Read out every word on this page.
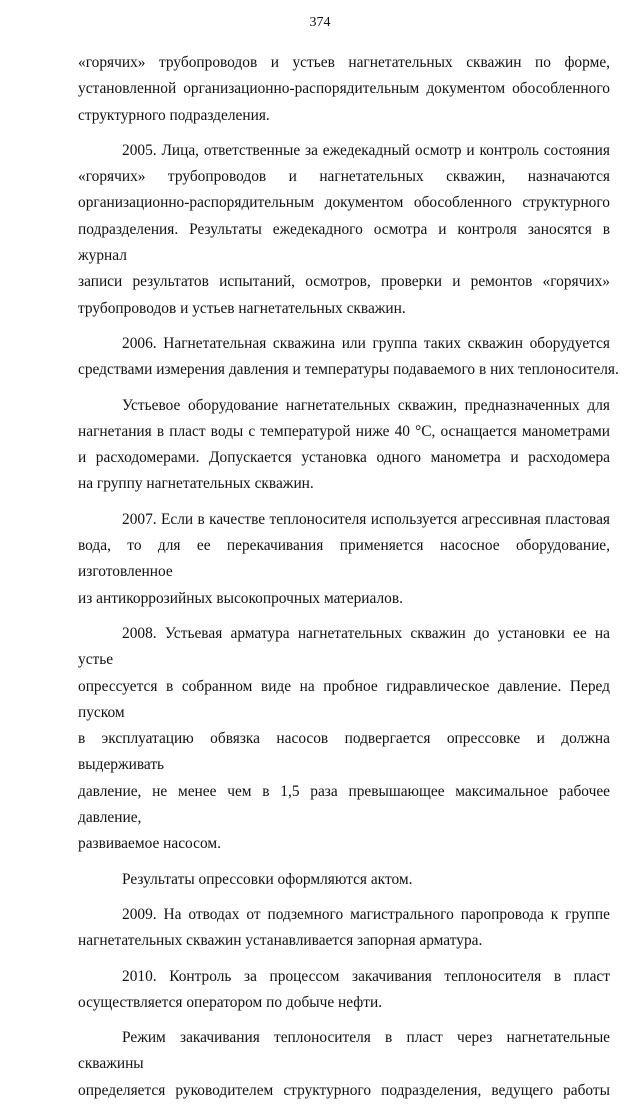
374
«горячих» трубопроводов и устьев нагнетательных скважин по форме,
установленной организационно-распорядительным документом обособленного
структурного подразделения.
2005. Лица, ответственные за ежедекадный осмотр и контроль состояния
«горячих» трубопроводов и нагнетательных скважин, назначаются
организационно-распорядительным документом обособленного структурного
подразделения. Результаты ежедекадного осмотра и контроля заносятся в журнал
записи результатов испытаний, осмотров, проверки и ремонтов «горячих»
трубопроводов и устьев нагнетательных скважин.
2006. Нагнетательная скважина или группа таких скважин оборудуется
средствами измерения давления и температуры подаваемого в них теплоносителя.
Устьевое оборудование нагнетательных скважин, предназначенных для
нагнетания в пласт воды с температурой ниже 40 °С, оснащается манометрами
и расходомерами. Допускается установка одного манометра и расходомера
на группу нагнетательных скважин.
2007. Если в качестве теплоносителя используется агрессивная пластовая
вода, то для ее перекачивания применяется насосное оборудование, изготовленное
из антикоррозийных высокопрочных материалов.
2008. Устьевая арматура нагнетательных скважин до установки ее на устье
опрессуется в собранном виде на пробное гидравлическое давление. Перед пуском
в эксплуатацию обвязка насосов подвергается опрессовке и должна выдерживать
давление, не менее чем в 1,5 раза превышающее максимальное рабочее давление,
развиваемое насосом.
Результаты опрессовки оформляются актом.
2009. На отводах от подземного магистрального паропровода к группе
нагнетательных скважин устанавливается запорная арматура.
2010. Контроль за процессом закачивания теплоносителя в пласт
осуществляется оператором по добыче нефти.
Режим закачивания теплоносителя в пласт через нагнетательные скважины
определяется руководителем структурного подразделения, ведущего работы
